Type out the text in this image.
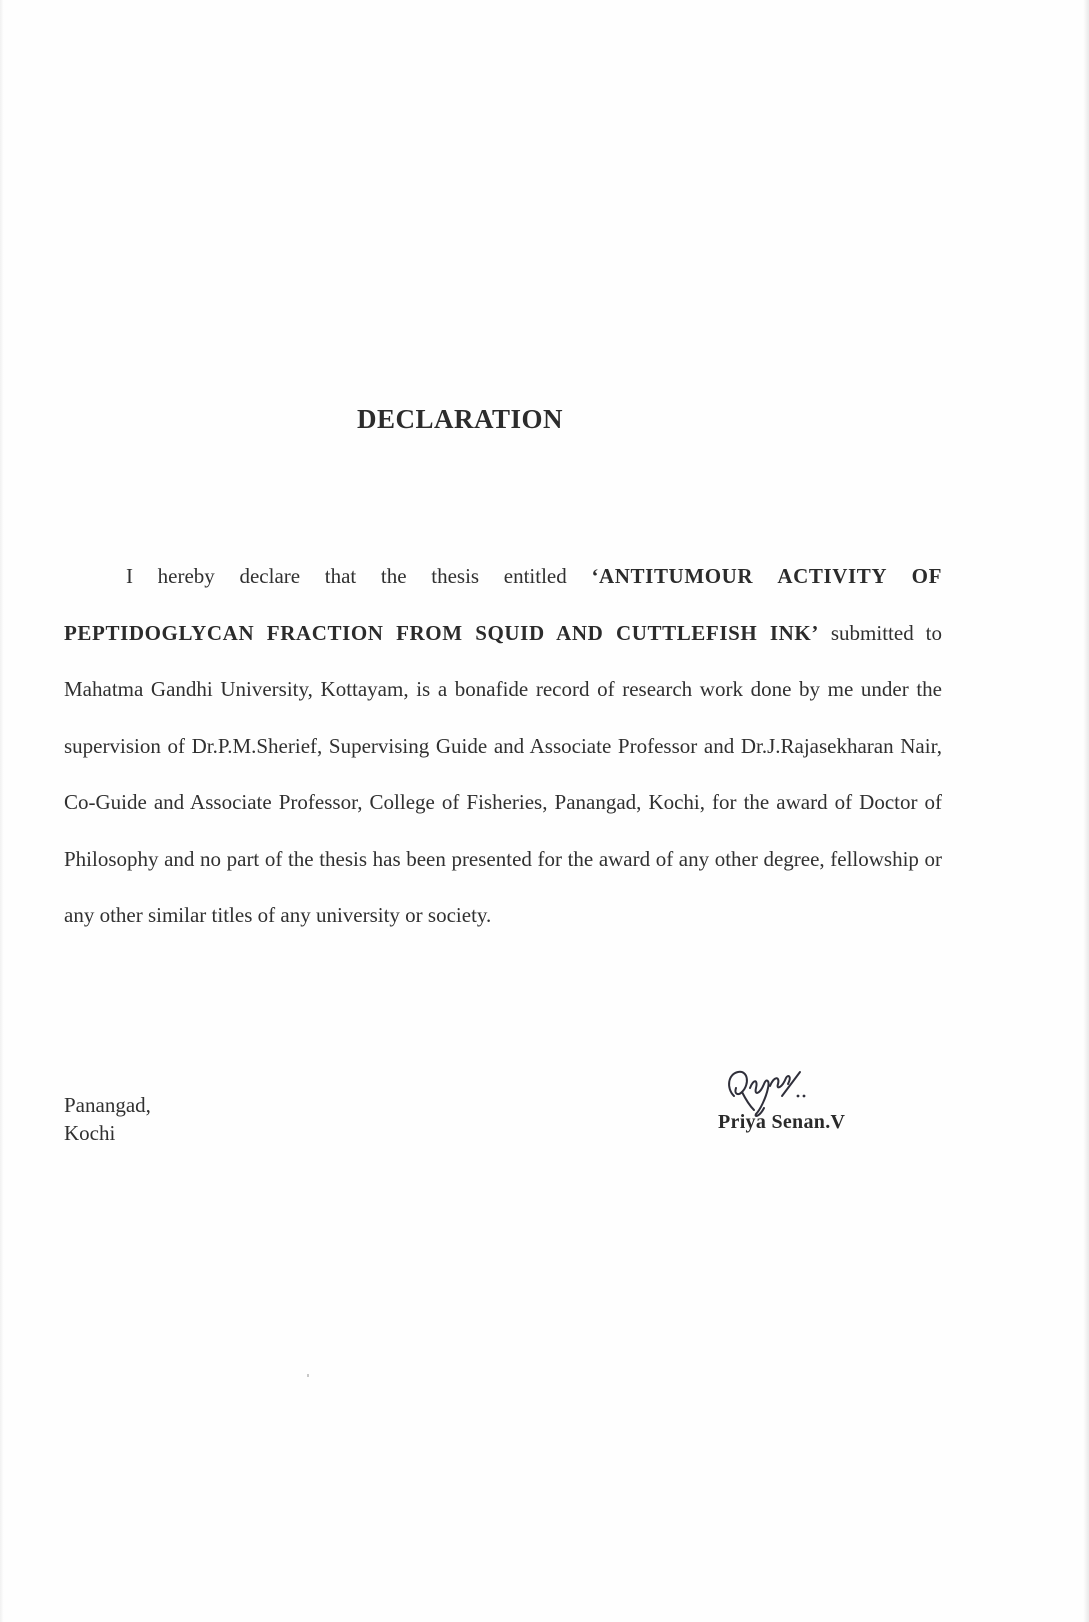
DECLARATION
I hereby declare that the thesis entitled ‘ANTITUMOUR ACTIVITY OF PEPTIDOGLYCAN FRACTION FROM SQUID AND CUTTLEFISH INK’ submitted to Mahatma Gandhi University, Kottayam, is a bonafide record of research work done by me under the supervision of Dr.P.M.Sherief, Supervising Guide and Associate Professor and Dr.J.Rajasekharan Nair, Co-Guide and Associate Professor, College of Fisheries, Panangad, Kochi, for the award of Doctor of Philosophy and no part of the thesis has been presented for the award of any other degree, fellowship or any other similar titles of any university or society.
Panangad,
Kochi	Priya Senan.V
